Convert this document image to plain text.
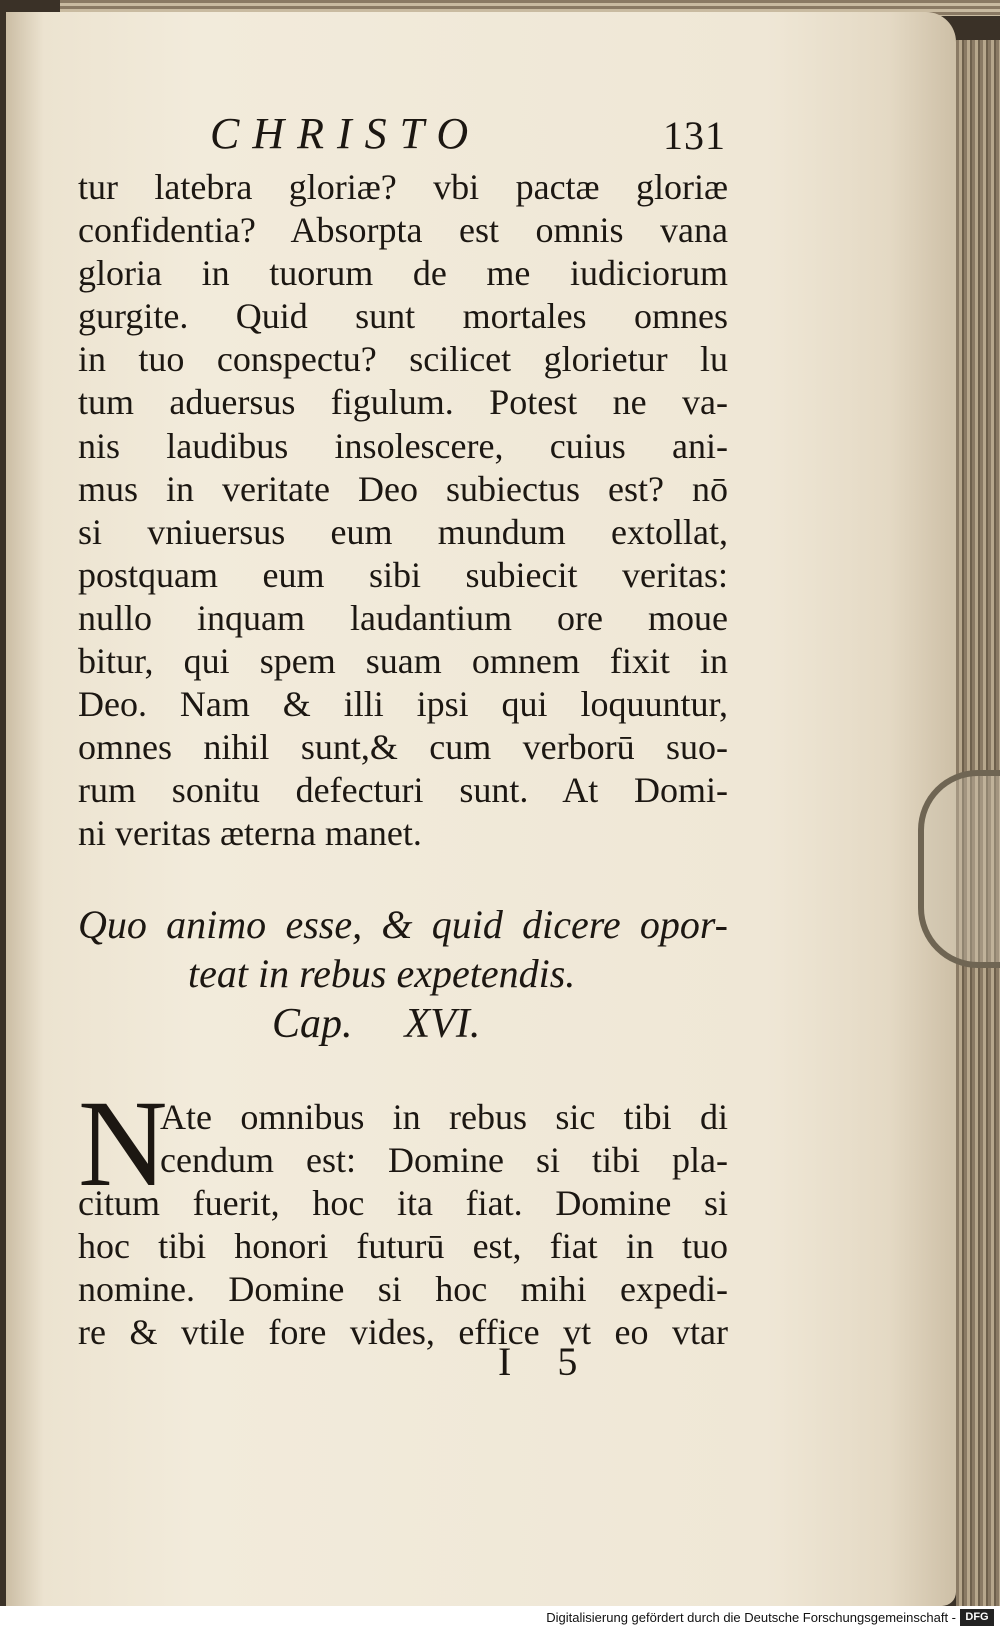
CHRISTO	131
tur latebra gloriæ? vbi pactæ gloriæ
confidentia? Absorpta est omnis vana
gloria in tuorum de me iudiciorum
gurgite. Quid sunt mortales omnes
in tuo conspectu? scilicet glorietur lu
tum aduersus figulum. Potest ne va-
nis laudibus insolescere, cuius ani-
mus in veritate Deo subiectus est? nō
si vniuersus eum mundum extollat,
postquam eum sibi subiecit veritas:
nullo inquam laudantium ore moue
bitur, qui spem suam omnem fixit in
Deo. Nam & illi ipsi qui loquuntur,
omnes nihil sunt,& cum verborū suo-
rum sonitu defecturi sunt. At Domi-
ni veritas æterna manet.
Quo animo esse, & quid dicere opor-
teat in rebus expetendis.
Cap. XVI.
N
Ate omnibus in rebus sic tibi di
cendum est: Domine si tibi pla-
citum fuerit, hoc ita fiat. Domine si
hoc tibi honori futurū est, fiat in tuo
nomine. Domine si hoc mihi expedi-
re & vtile fore vides, effice vt eo vtar
I 5
Digitalisierung gefördert durch die Deutsche Forschungsgemeinschaft - DFG
